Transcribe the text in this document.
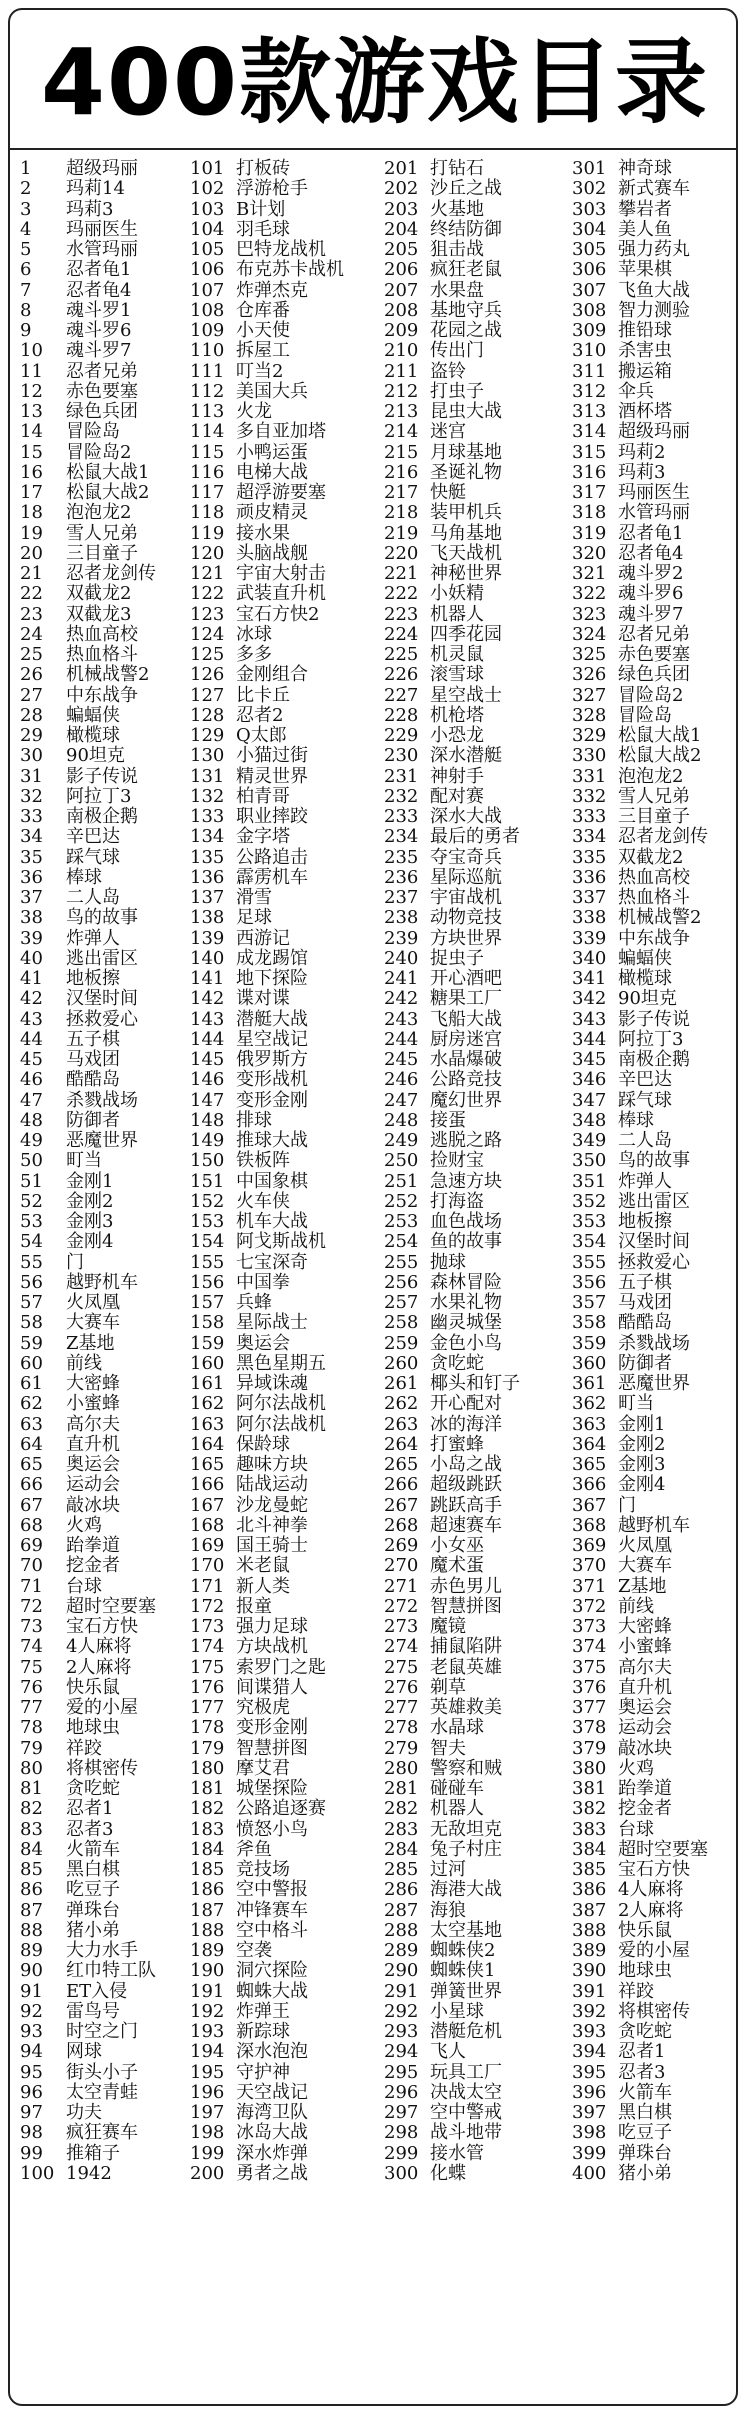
400款游戏目录
1 超级玛丽
2 玛莉14
3 玛莉3
4 玛丽医生
5 水管玛丽
6 忍者龟1
7 忍者龟4
8 魂斗罗1
9 魂斗罗6
10 魂斗罗7
11 忍者兄弟
12 赤色要塞
13 绿色兵团
14 冒险岛
15 冒险岛2
16 松鼠大战1
17 松鼠大战2
18 泡泡龙2
19 雪人兄弟
20 三目童子
21 忍者龙剑传
22 双截龙2
23 双截龙3
24 热血高校
25 热血格斗
26 机械战警2
27 中东战争
28 蝙蝠侠
29 橄榄球
30 90坦克
31 影子传说
32 阿拉丁3
33 南极企鹅
34 辛巴达
35 踩气球
36 棒球
37 二人岛
38 鸟的故事
39 炸弹人
40 逃出雷区
41 地板擦
42 汉堡时间
43 拯救爱心
44 五子棋
45 马戏团
46 酷酷岛
47 杀戮战场
48 防御者
49 恶魔世界
50 町当
51 金刚1
52 金刚2
53 金刚3
54 金刚4
55 门
56 越野机车
57 火凤凰
58 大赛车
59 Z基地
60 前线
61 大密蜂
62 小蜜蜂
63 高尔夫
64 直升机
65 奥运会
66 运动会
67 敲冰块
68 火鸡
69 跆拳道
70 挖金者
71 台球
72 超时空要塞
73 宝石方快
74 4人麻将
75 2人麻将
76 快乐鼠
77 爱的小屋
78 地球虫
79 祥跤
80 将棋密传
81 贪吃蛇
82 忍者1
83 忍者3
84 火箭车
85 黑白棋
86 吃豆子
87 弹珠台
88 猪小弟
89 大力水手
90 红巾特工队
91 ET入侵
92 雷鸟号
93 时空之门
94 网球
95 街头小子
96 太空青蛙
97 功夫
98 疯狂赛车
99 推箱子
100 1942
101 打板砖
102 浮游枪手
103 B计划
104 羽毛球
105 巴特龙战机
106 布克苏卡战机
107 炸弹杰克
108 仓库番
109 小天使
110 拆屋工
111 叮当2
112 美国大兵
113 火龙
114 多自亚加塔
115 小鸭运蛋
116 电梯大战
117 超浮游要塞
118 顽皮精灵
119 接水果
120 头脑战舰
121 宇宙大射击
122 武装直升机
123 宝石方快2
124 冰球
125 多多
126 金刚组合
127 比卡丘
128 忍者2
129 Q太郎
130 小猫过街
131 精灵世界
132 柏青哥
133 职业摔跤
134 金字塔
135 公路追击
136 霹雳机车
137 滑雪
138 足球
139 西游记
140 成龙踢馆
141 地下探险
142 谍对谍
143 潜艇大战
144 星空战记
145 俄罗斯方
146 变形战机
147 变形金刚
148 排球
149 推球大战
150 铁板阵
151 中国象棋
152 火车侠
153 机车大战
154 阿戈斯战机
155 七宝深奇
156 中国拳
157 兵蜂
158 星际战士
159 奥运会
160 黑色星期五
161 异域诛魂
162 阿尔法战机
163 阿尔法战机
164 保龄球
165 趣味方块
166 陆战运动
167 沙龙曼蛇
168 北斗神拳
169 国王骑士
170 米老鼠
171 新人类
172 报童
173 强力足球
174 方块战机
175 索罗门之匙
176 间谍猎人
177 究极虎
178 变形金刚
179 智慧拼图
180 摩艾君
181 城堡探险
182 公路追逐赛
183 愤怒小鸟
184 斧鱼
185 竞技场
186 空中警报
187 冲锋赛车
188 空中格斗
189 空袭
190 洞穴探险
191 蜘蛛大战
192 炸弹王
193 新踪球
194 深水泡泡
195 守护神
196 天空战记
197 海湾卫队
198 冰岛大战
199 深水炸弹
200 勇者之战
201 打钻石
202 沙丘之战
203 火基地
204 终结防御
205 狙击战
206 疯狂老鼠
207 水果盘
208 基地守兵
209 花园之战
210 传出门
211 盗铃
212 打虫子
213 昆虫大战
214 迷宫
215 月球基地
216 圣诞礼物
217 快艇
218 装甲机兵
219 马角基地
220 飞天战机
221 神秘世界
222 小妖精
223 机器人
224 四季花园
225 机灵鼠
226 滚雪球
227 星空战士
228 机枪塔
229 小恐龙
230 深水潜艇
231 神射手
232 配对赛
233 深水大战
234 最后的勇者
235 夺宝奇兵
236 星际巡航
237 宇宙战机
238 动物竞技
239 方块世界
240 捉虫子
241 开心酒吧
242 糖果工厂
243 飞船大战
244 厨房迷宫
245 水晶爆破
246 公路竞技
247 魔幻世界
248 接蛋
249 逃脱之路
250 捡财宝
251 急速方块
252 打海盗
253 血色战场
254 鱼的故事
255 抛球
256 森林冒险
257 水果礼物
258 幽灵城堡
259 金色小鸟
260 贪吃蛇
261 椰头和钉子
262 开心配对
263 冰的海洋
264 打蜜蜂
265 小岛之战
266 超级跳跃
267 跳跃高手
268 超速赛车
269 小女巫
270 魔术蛋
271 赤色男儿
272 智慧拼图
273 魔镜
274 捕鼠陷阱
275 老鼠英雄
276 剃草
277 英雄救美
278 水晶球
279 智夫
280 警察和贼
281 碰碰车
282 机器人
283 无敌坦克
284 兔子村庄
285 过河
286 海港大战
287 海狼
288 太空基地
289 蜘蛛侠2
290 蜘蛛侠1
291 弹簧世界
292 小星球
293 潜艇危机
294 飞人
295 玩具工厂
296 决战太空
297 空中警戒
298 战斗地带
299 接水管
300 化蝶
301 神奇球
302 新式赛车
303 攀岩者
304 美人鱼
305 强力药丸
306 苹果棋
307 飞鱼大战
308 智力测验
309 推铅球
310 杀害虫
311 搬运箱
312 伞兵
313 酒杯塔
314 超级玛丽
315 玛莉2
316 玛莉3
317 玛丽医生
318 水管玛丽
319 忍者龟1
320 忍者龟4
321 魂斗罗2
322 魂斗罗6
323 魂斗罗7
324 忍者兄弟
325 赤色要塞
326 绿色兵团
327 冒险岛2
328 冒险岛
329 松鼠大战1
330 松鼠大战2
331 泡泡龙2
332 雪人兄弟
333 三目童子
334 忍者龙剑传
335 双截龙2
336 热血高校
337 热血格斗
338 机械战警2
339 中东战争
340 蝙蝠侠
341 橄榄球
342 90坦克
343 影子传说
344 阿拉丁3
345 南极企鹅
346 辛巴达
347 踩气球
348 棒球
349 二人岛
350 鸟的故事
351 炸弹人
352 逃出雷区
353 地板擦
354 汉堡时间
355 拯救爱心
356 五子棋
357 马戏团
358 酷酷岛
359 杀戮战场
360 防御者
361 恶魔世界
362 町当
363 金刚1
364 金刚2
365 金刚3
366 金刚4
367 门
368 越野机车
369 火凤凰
370 大赛车
371 Z基地
372 前线
373 大密蜂
374 小蜜蜂
375 高尔夫
376 直升机
377 奥运会
378 运动会
379 敲冰块
380 火鸡
381 跆拳道
382 挖金者
383 台球
384 超时空要塞
385 宝石方快
386 4人麻将
387 2人麻将
388 快乐鼠
389 爱的小屋
390 地球虫
391 祥跤
392 将棋密传
393 贪吃蛇
394 忍者1
395 忍者3
396 火箭车
397 黑白棋
398 吃豆子
399 弹珠台
400 猪小弟
